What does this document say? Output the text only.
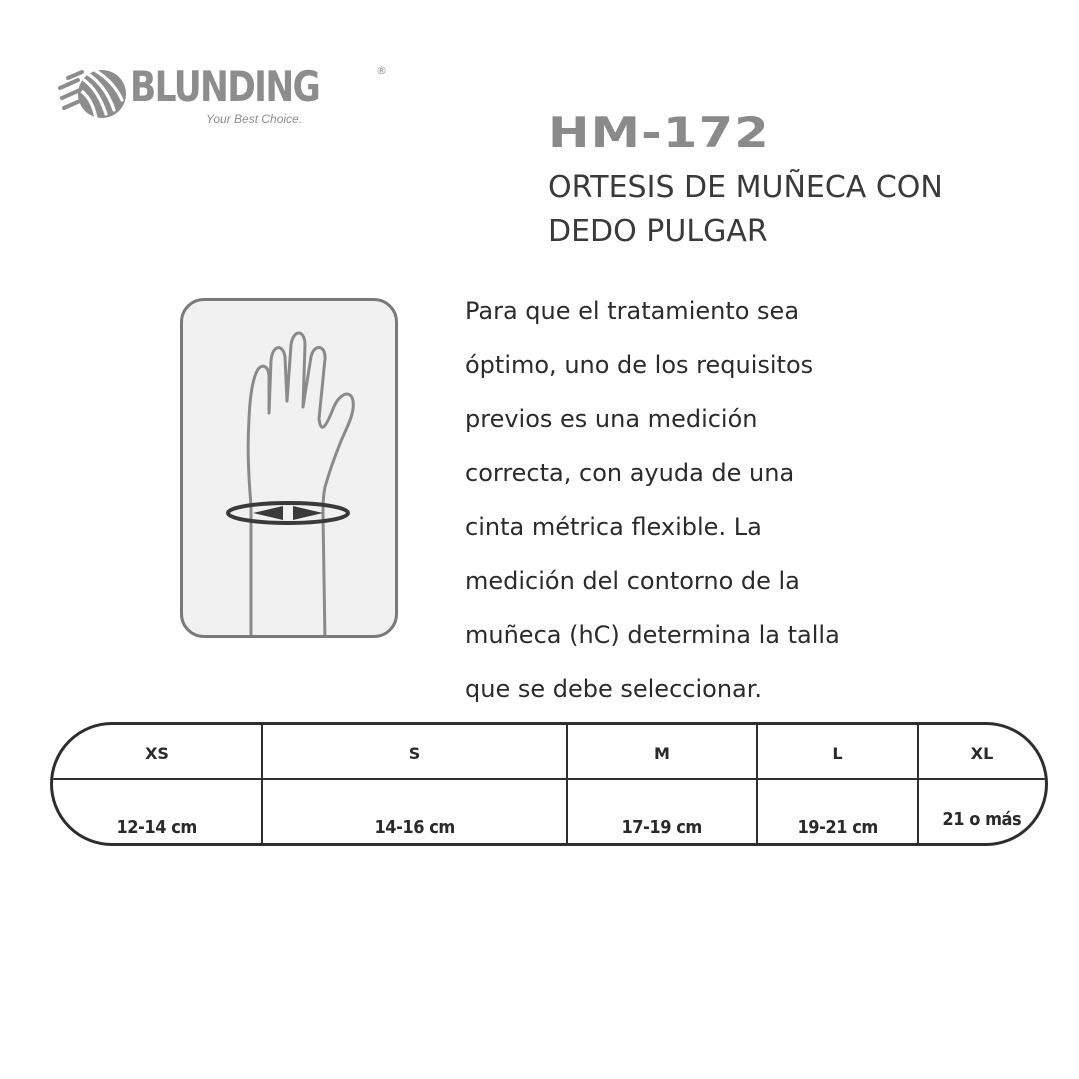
BLUNDING	®
Your Best Choice.	HM-172
ORTESIS DE MUÑECA CON
DEDO PULGAR
Para que el tratamiento sea
óptimo, uno de los requisitos
previos es una medición
correcta, con ayuda de una
cinta métrica flexible. La
medición del contorno de la
muñeca (hC) determina la talla
que se debe seleccionar.
XS	S	M	L	XL
12-14 cm	14-16 cm	17-19 cm	19-21 cm	21 o más
